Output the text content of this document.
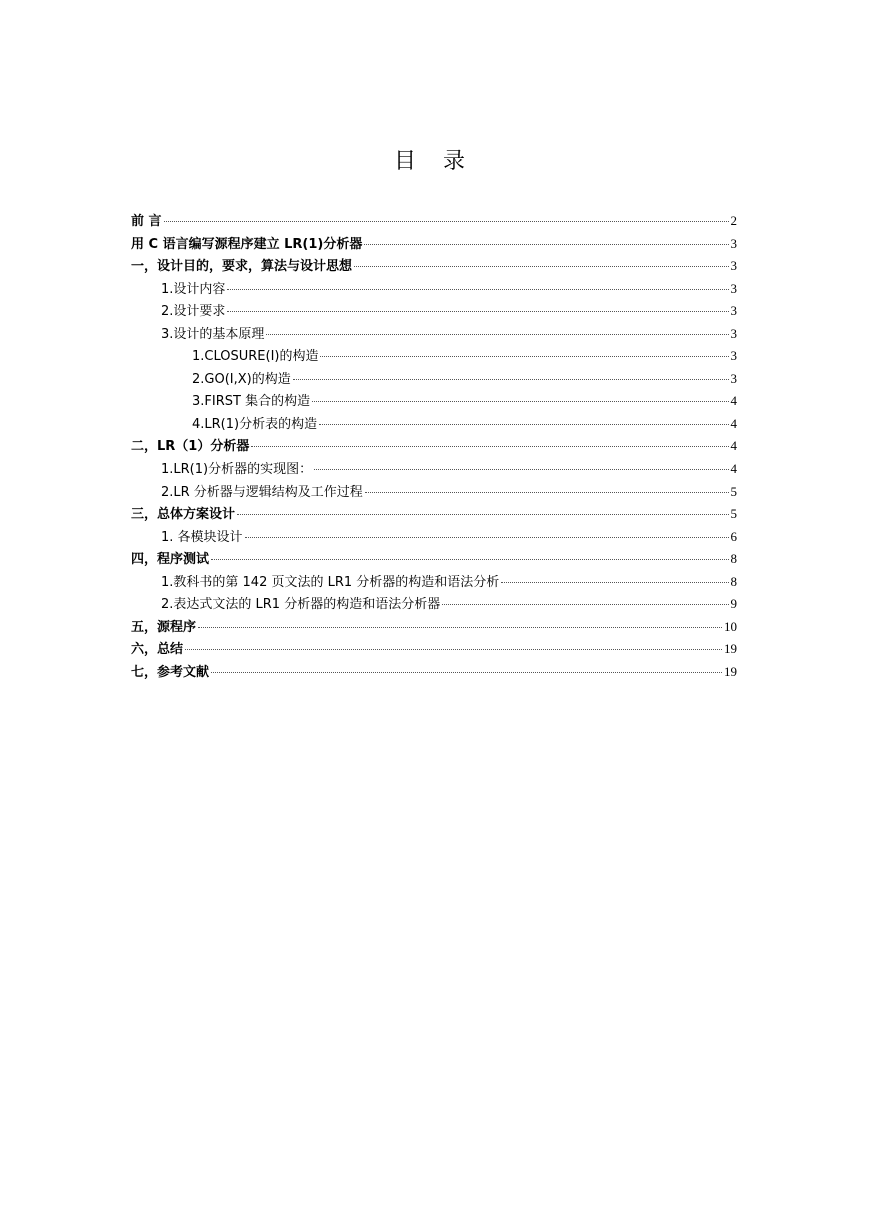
目 录
前 言	2
用 C 语言编写源程序建立 LR(1)分析器	3
一，设计目的，要求，算法与设计思想	3
1.设计内容	3
2.设计要求	3
3.设计的基本原理	3
1.CLOSURE(I)的构造	3
2.GO(I,X)的构造	3
3.FIRST 集合的构造	4
4.LR(1)分析表的构造	4
二，LR（1）分析器	4
1.LR(1)分析器的实现图：	4
2.LR 分析器与逻辑结构及工作过程	5
三，总体方案设计	5
1. 各模块设计	6
四，程序测试	8
1.教科书的第 142 页文法的 LR1 分析器的构造和语法分析	8
2.表达式文法的 LR1 分析器的构造和语法分析器	9
五，源程序	10
六，总结	19
七，参考文献	19
